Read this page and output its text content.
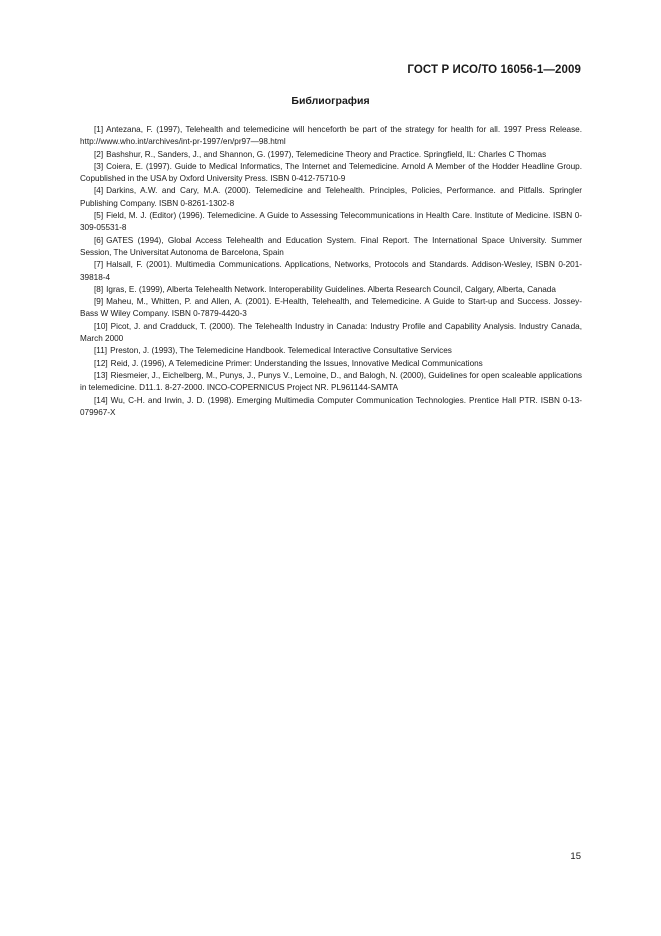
ГОСТ Р ИСО/ТО 16056-1—2009
Библиография
[1] Antezana, F. (1997), Telehealth and telemedicine will henceforth be part of the strategy for health for all. 1997 Press Release. http://www.who.int/archives/int-pr-1997/en/pr97—98.html
[2] Bashshur, R., Sanders, J., and Shannon, G. (1997), Telemedicine Theory and Practice. Springfield, IL: Charles C Thomas
[3] Coiera, E. (1997). Guide to Medical Informatics, The Internet and Telemedicine. Arnold A Member of the Hodder Headline Group. Copublished in the USA by Oxford University Press. ISBN 0-412-75710-9
[4] Darkins, A.W. and Cary, M.A. (2000). Telemedicine and Telehealth. Principles, Policies, Performance. and Pitfalls. Springler Publishing Company. ISBN 0-8261-1302-8
[5] Field, M. J. (Editor) (1996). Telemedicine. A Guide to Assessing Telecommunications in Health Care. Institute of Medicine. ISBN 0-309-05531-8
[6] GATES (1994), Global Access Telehealth and Education System. Final Report. The International Space University. Summer Session, The Universitat Autonoma de Barcelona, Spain
[7] Halsall, F. (2001). Multimedia Communications. Applications, Networks, Protocols and Standards. Addison-Wesley, ISBN 0-201-39818-4
[8] Igras, E. (1999), Alberta Telehealth Network. Interoperability Guidelines. Alberta Research Council, Calgary, Alberta, Canada
[9] Maheu, M., Whitten, P. and Allen, A. (2001). E-Health, Telehealth, and Telemedicine. A Guide to Start-up and Success. Jossey-Bass W Wiley Company. ISBN 0-7879-4420-3
[10] Picot, J. and Cradduck, T. (2000). The Telehealth Industry in Canada: Industry Profile and Capability Analysis. Industry Canada, March 2000
[11] Preston, J. (1993), The Telemedicine Handbook. Telemedical Interactive Consultative Services
[12] Reid, J. (1996), A Telemedicine Primer: Understanding the Issues, Innovative Medical Communications
[13] Riesmeier, J., Eichelberg, M., Punys, J., Punys V., Lemoine, D., and Balogh, N. (2000), Guidelines for open scaleable applications in telemedicine. D11.1. 8-27-2000. INCO-COPERNICUS Project NR. PL961144-SAMTA
[14] Wu, C-H. and Irwin, J. D. (1998). Emerging Multimedia Computer Communication Technologies. Prentice Hall PTR. ISBN 0-13-079967-X
15
